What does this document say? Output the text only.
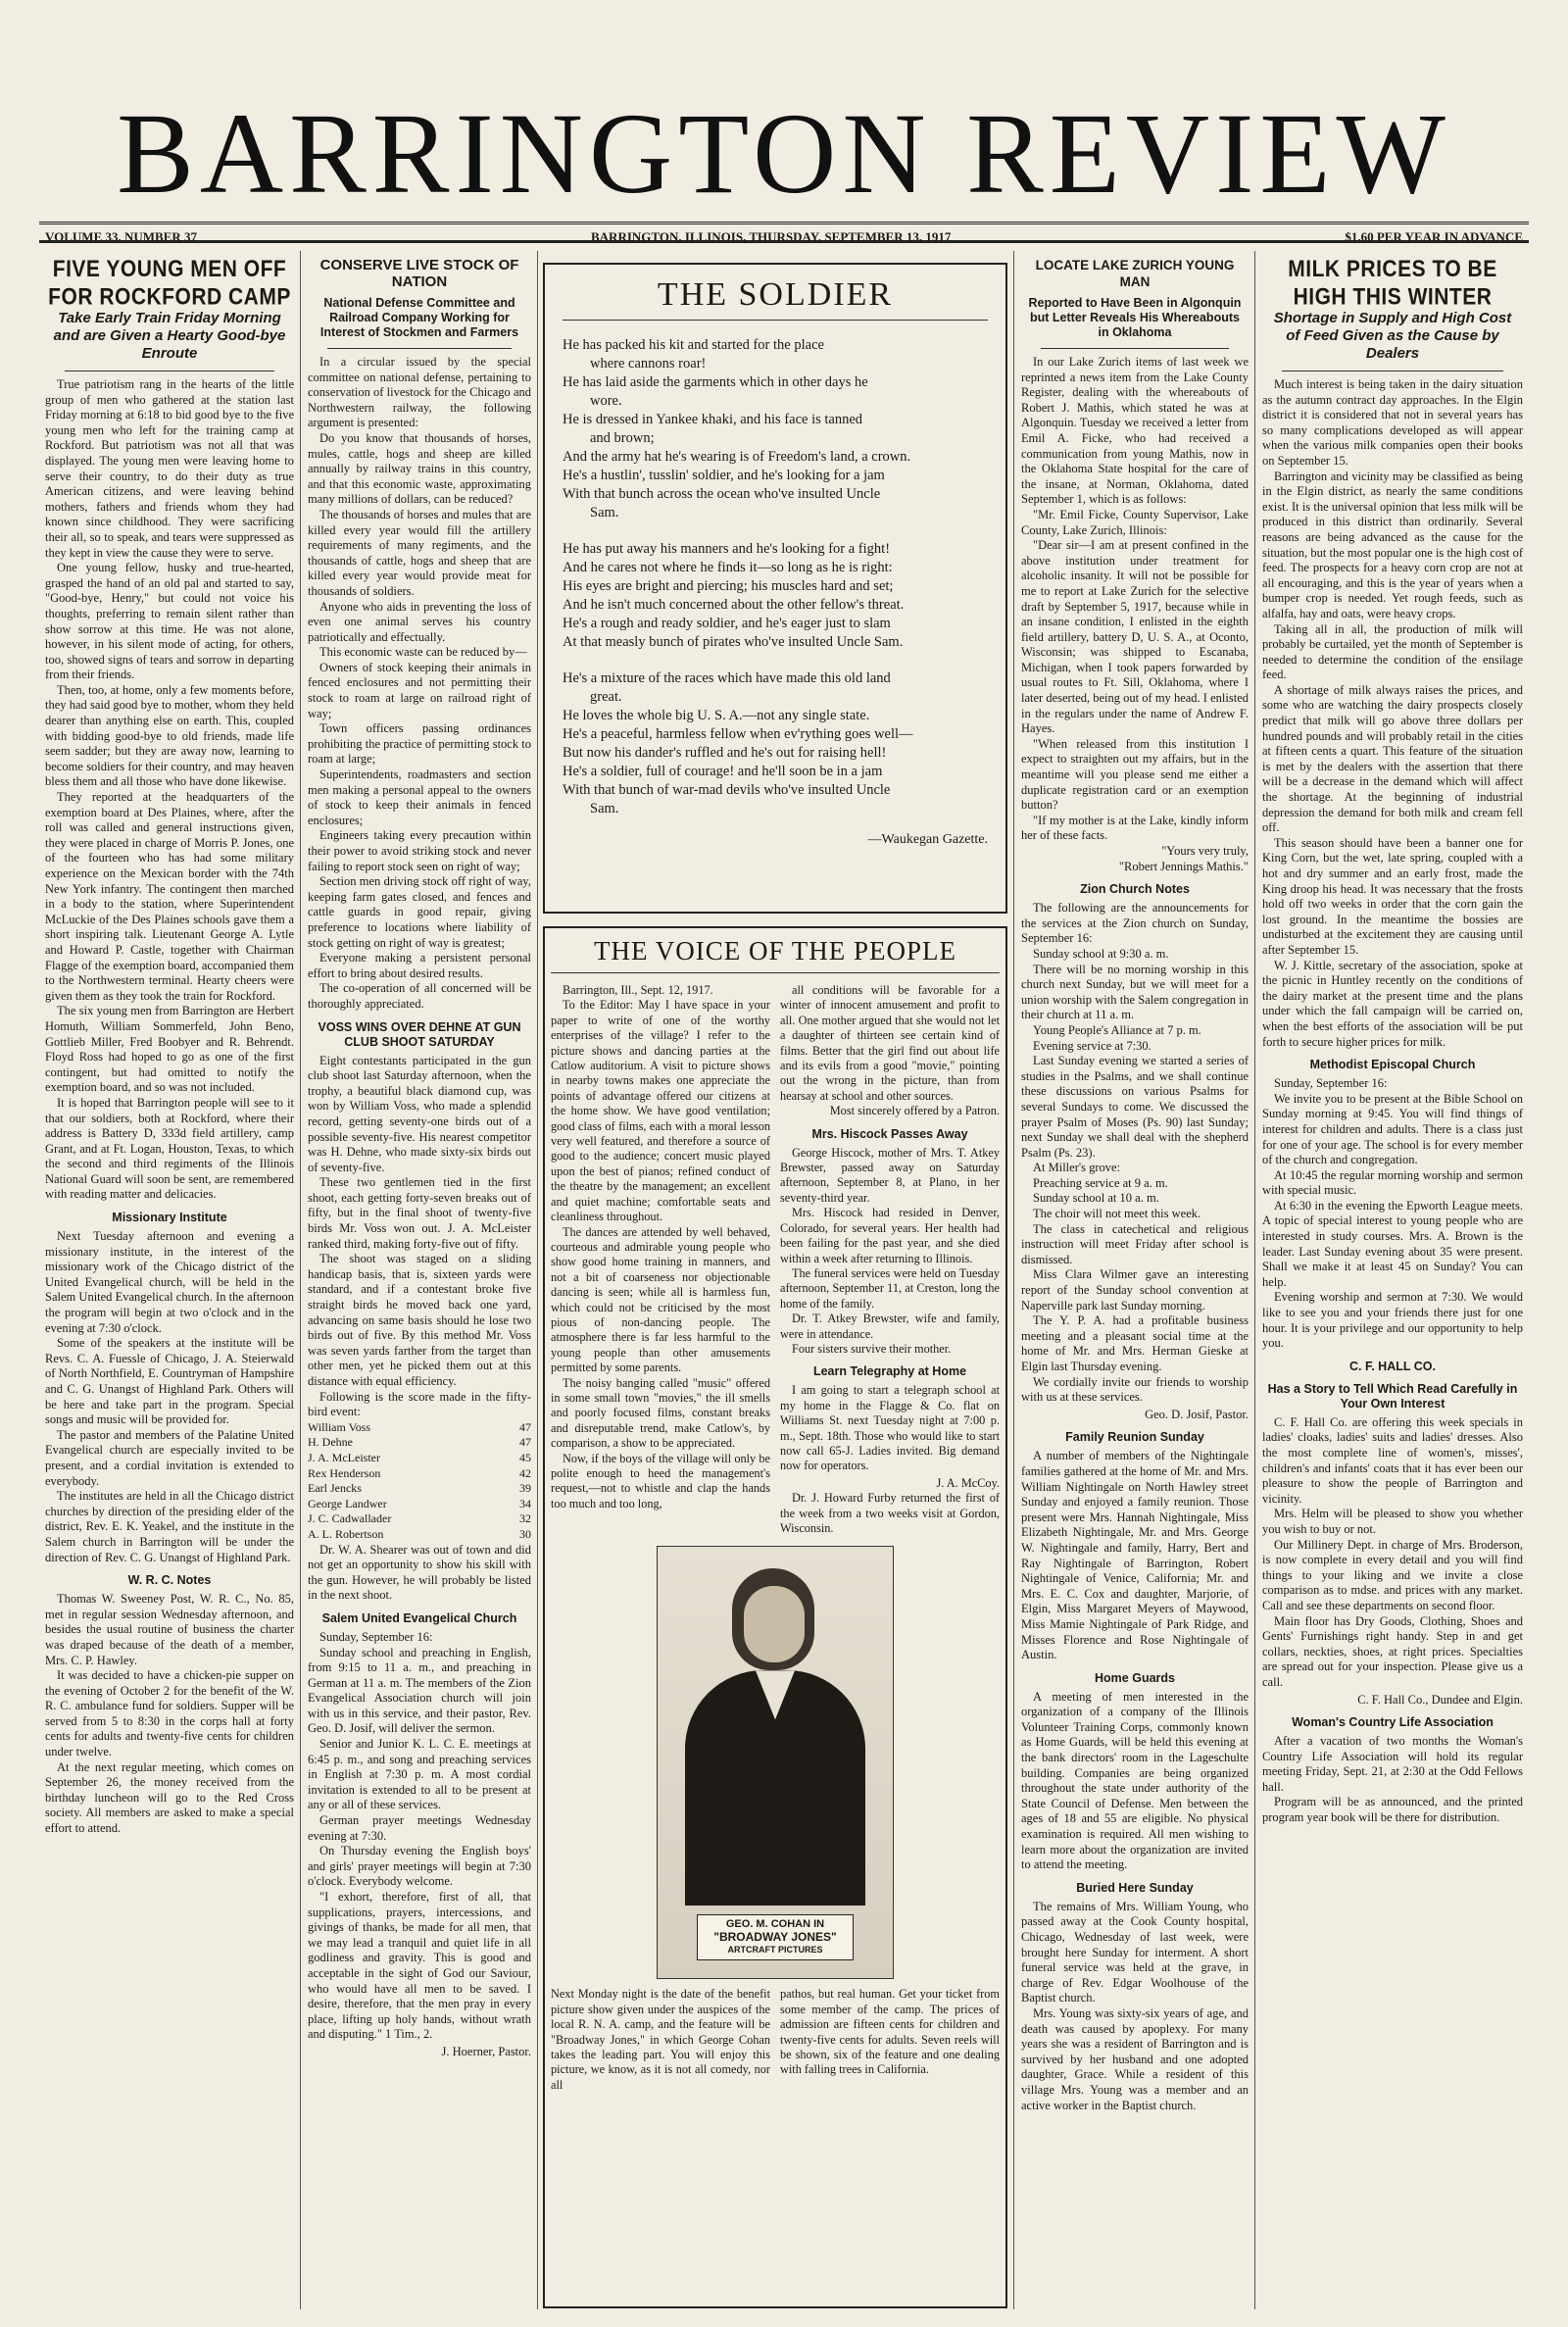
BARRINGTON REVIEW
VOLUME 33, NUMBER 37	BARRINGTON, ILLINOIS, THURSDAY, SEPTEMBER 13, 1917	$1.60 PER YEAR IN ADVANCE
FIVE YOUNG MEN OFF FOR ROCKFORD CAMP
Take Early Train Friday Morning and are Given a Hearty Good-bye Enroute

True patriotism rang in the hearts of the little group of men who gathered at the station last Friday morning at 6:18 to bid good bye to the five young men who left for the training camp at Rockford. But patriotism was not all that was displayed. The young men were leaving home to serve their country, to do their duty as true American citizens, and were leaving behind mothers, fathers and friends whom they had known since childhood. They were sacrificing their all, so to speak, and tears were suppressed as they kept in view the cause they were to serve.

One young fellow, husky and true-hearted, grasped the hand of an old pal and started to say, "Good-bye, Henry," but could not voice his thoughts, preferring to remain silent rather than show sorrow at this time. He was not alone, however, in his silent mode of acting, for others, too, showed signs of tears and sorrow in departing from their friends.

Then, too, at home, only a few moments before, they had said good bye to mother, whom they held dearer than anything else on earth. This, coupled with bidding good-bye to old friends, made life seem sadder; but they are away now, learning to become soldiers for their country, and may heaven bless them and all those who have done likewise.

They reported at the headquarters of the exemption board at Des Plaines, where, after the roll was called and general instructions given, they were placed in charge of Morris P. Jones, one of the fourteen who has had some military experience on the Mexican border with the 74th New York infantry. The contingent then marched in a body to the station, where Superintendent McLuckie of the Des Plaines schools gave them a short inspiring talk. Lieutenant George A. Lytle and Howard P. Castle, together with Chairman Flagge of the exemption board, accompanied them to the Northwestern terminal. Hearty cheers were given them as they took the train for Rockford.

The six young men from Barrington are Herbert Homuth, William Sommerfeld, John Beno, Gottlieb Miller, Fred Boobyer and R. Behrendt. Floyd Ross had hoped to go as one of the first contingent, but had omitted to notify the exemption board, and so was not included.

It is hoped that Barrington people will see to it that our soldiers, both at Rockford, where their address is Battery D, 333d field artillery, camp Grant, and at Ft. Logan, Houston, Texas, to which the second and third regiments of the Illinois National Guard will soon be sent, are remembered with reading matter and delicacies.

Missionary Institute

Next Tuesday afternoon and evening a missionary institute, in the interest of the missionary work of the Chicago district of the United Evangelical church, will be held in the Salem United Evangelical church. In the afternoon the program will begin at two o'clock and in the evening at 7:30 o'clock.

Some of the speakers at the institute will be Revs. C. A. Fuessle of Chicago, J. A. Steierwald of North Northfield, E. Countryman of Hampshire and C. G. Unangst of Highland Park. Others will be here and take part in the program. Special songs and music will be provided for.

The pastor and members of the Palatine United Evangelical church are especially invited to be present, and a cordial invitation is extended to everybody.

The institutes are held in all the Chicago district churches by direction of the presiding elder of the district, Rev. E. K. Yeakel, and the institute in the Salem church in Barrington will be under the direction of Rev. C. G. Unangst of Highland Park.

W. R. C. Notes

Thomas W. Sweeney Post, W. R. C., No. 85, met in regular session Wednesday afternoon, and besides the usual routine of business the charter was draped because of the death of a member, Mrs. C. P. Hawley.

It was decided to have a chicken-pie supper on the evening of October 2 for the benefit of the W. R. C. ambulance fund for soldiers. Supper will be served from 5 to 8:30 in the corps hall at forty cents for adults and twenty-five cents for children under twelve.

At the next regular meeting, which comes on September 26, the money received from the birthday luncheon will go to the Red Cross society. All members are asked to make a special effort to attend.

CONSERVE LIVE STOCK OF NATION
National Defense Committee and Railroad Company Working for Interest of Stockmen and Farmers

In a circular issued by the special committee on national defense, pertaining to conservation of livestock for the Chicago and Northwestern railway, the following argument is presented:

Do you know that thousands of horses, mules, cattle, hogs and sheep are killed annually by railway trains in this country, and that this economic waste, approximating many millions of dollars, can be reduced?

The thousands of horses and mules that are killed every year would fill the artillery requirements of many regiments, and the thousands of cattle, hogs and sheep that are killed every year would provide meat for thousands of soldiers.

Anyone who aids in preventing the loss of even one animal serves his country patriotically and effectually.

This economic waste can be reduced by—

Owners of stock keeping their animals in fenced enclosures and not permitting their stock to roam at large on railroad right of way;

Town officers passing ordinances prohibiting the practice of permitting stock to roam at large;

Superintendents, roadmasters and section men making a personal appeal to the owners of stock to keep their animals in fenced enclosures;

Engineers taking every precaution within their power to avoid striking stock and never failing to report stock seen on right of way;

Section men driving stock off right of way, keeping farm gates closed, and fences and cattle guards in good repair, giving preference to locations where liability of stock getting on right of way is greatest;

Everyone making a persistent personal effort to bring about desired results.

The co-operation of all concerned will be thoroughly appreciated.

VOSS WINS OVER DEHNE AT GUN CLUB SHOOT SATURDAY

Eight contestants participated in the gun club shoot last Saturday afternoon, when the trophy, a beautiful black diamond cup, was won by William Voss, who made a splendid record, getting seventy-one birds out of a possible seventy-five. His nearest competitor was H. Dehne, who made sixty-six birds out of seventy-five.

These two gentlemen tied in the first shoot, each getting forty-seven breaks out of fifty, but in the final shoot of twenty-five birds Mr. Voss won out. J. A. McLeister ranked third, making forty-five out of fifty.

The shoot was staged on a sliding handicap basis, that is, sixteen yards were standard, and if a contestant broke five straight birds he moved back one yard, advancing on same basis should he lose two birds out of five. By this method Mr. Voss was seven yards farther from the target than other men, yet he picked them out at this distance with equal efficiency.

Following is the score made in the fifty-bird event:

William Voss	47
H. Dehne	47
J. A. McLeister	45
Rex Henderson	42
Earl Jencks	39
George Landwer	34
J. C. Cadwallader	32
A. L. Robertson	30

Dr. W. A. Shearer was out of town and did not get an opportunity to show his skill with the gun. However, he will probably be listed in the next shoot.

Salem United Evangelical Church

Sunday, September 16:

Sunday school and preaching in English, from 9:15 to 11 a. m., and preaching in German at 11 a. m. The members of the Zion Evangelical Association church will join with us in this service, and their pastor, Rev. Geo. D. Josif, will deliver the sermon.

Senior and Junior K. L. C. E. meetings at 6:45 p. m., and song and preaching services in English at 7:30 p. m. A most cordial invitation is extended to all to be present at any or all of these services.

German prayer meetings Wednesday evening at 7:30.

On Thursday evening the English boys' and girls' prayer meetings will begin at 7:30 o'clock. Everybody welcome.

"I exhort, therefore, first of all, that supplications, prayers, intercessions, and givings of thanks, be made for all men, that we may lead a tranquil and quiet life in all godliness and gravity. This is good and acceptable in the sight of God our Saviour, who would have all men to be saved. I desire, therefore, that the men pray in every place, lifting up holy hands, without wrath and disputing." 1 Tim., 2.

J. Hoerner, Pastor.
THE SOLDIER
He has packed his kit and started for the place
where cannons roar!
He has laid aside the garments which in other days he
wore.
He is dressed in Yankee khaki, and his face is tanned
and brown;
And the army hat he's wearing is of Freedom's land, a crown.
He's a hustlin', tusslin' soldier, and he's looking for a jam
With that bunch across the ocean who've insulted Uncle
Sam.
He has put away his manners and he's looking for a fight!
And he cares not where he finds it—so long as he is right:
His eyes are bright and piercing; his muscles hard and set;
And he isn't much concerned about the other fellow's threat.
He's a rough and ready soldier, and he's eager just to slam
At that measly bunch of pirates who've insulted Uncle Sam.
He's a mixture of the races which have made this old land
great.
He loves the whole big U. S. A.—not any single state.
He's a peaceful, harmless fellow when ev'rything goes well—
But now his dander's ruffled and he's out for raising hell!
He's a soldier, full of courage! and he'll soon be in a jam
With that bunch of war-mad devils who've insulted Uncle
Sam.
—Waukegan Gazette.
THE VOICE OF THE PEOPLE

Barrington, Ill., Sept. 12, 1917.

To the Editor: May I have space in your paper to write of one of the worthy enterprises of the village? I refer to the picture shows and dancing parties at the Catlow auditorium. A visit to picture shows in nearby towns makes one appreciate the points of advantage offered our citizens at the home show. We have good ventilation; good class of films, each with a moral lesson very well featured, and therefore a source of good to the audience; concert music played upon the best of pianos; refined conduct of the theatre by the management; an excellent and quiet machine; comfortable seats and cleanliness throughout.

The dances are attended by well behaved, courteous and admirable young people who show good home training in manners, and not a bit of coarseness nor objectionable dancing is seen; while all is harmless fun, which could not be criticised by the most pious of non-dancing people. The atmosphere there is far less harmful to the young people than other amusements permitted by some parents.

The noisy banging called "music" offered in some small town "movies," the ill smells and poorly focused films, constant breaks and disreputable trend, make Catlow's, by comparison, a show to be appreciated.

Now, if the boys of the village will only be polite enough to heed the management's request,—not to whistle and clap the hands too much and too long,

all conditions will be favorable for a winter of innocent amusement and profit to all. One mother argued that she would not let a daughter of thirteen see certain kind of films. Better that the girl find out about life and its evils from a good "movie," pointing out the wrong in the picture, than from hearsay at school and other sources.

Most sincerely offered by a Patron.

Mrs. Hiscock Passes Away

George Hiscock, mother of Mrs. T. Atkey Brewster, passed away on Saturday afternoon, September 8, at Plano, in her seventy-third year.

Mrs. Hiscock had resided in Denver, Colorado, for several years. Her health had been failing for the past year, and she died within a week after returning to Illinois.

The funeral services were held on Tuesday afternoon, September 11, at Creston, long the home of the family.

Dr. T. Atkey Brewster, wife and family, were in attendance.

Four sisters survive their mother.

Learn Telegraphy at Home

I am going to start a telegraph school at my home in the Flagge & Co. flat on Williams St. next Tuesday night at 7:00 p. m., Sept. 18th. Those who would like to start now call 65-J. Ladies invited. Big demand now for operators.

J. A. McCoy.

Dr. J. Howard Furby returned the first of the week from a two weeks visit at Gordon, Wisconsin.

GEO. M. COHAN IN
"BROADWAY JONES"
ARTCRAFT PICTURES
Next Monday night is the date of the benefit picture show given under the auspices of the local R. N. A. camp, and the feature will be "Broadway Jones," in which George Cohan takes the leading part. You will enjoy this picture, we know, as it is not all comedy, nor all
pathos, but real human. Get your ticket from some member of the camp. The prices of admission are fifteen cents for children and twenty-five cents for adults. Seven reels will be shown, six of the feature and one dealing with falling trees in California.
LOCATE LAKE ZURICH YOUNG MAN
Reported to Have Been in Algonquin but Letter Reveals His Whereabouts in Oklahoma

In our Lake Zurich items of last week we reprinted a news item from the Lake County Register, dealing with the whereabouts of Robert J. Mathis, which stated he was at Algonquin. Tuesday we received a letter from Emil A. Ficke, who had received a communication from young Mathis, now in the Oklahoma State hospital for the care of the insane, at Norman, Oklahoma, dated September 1, which is as follows:

"Mr. Emil Ficke, County Supervisor, Lake County, Lake Zurich, Illinois:

"Dear sir—I am at present confined in the above institution under treatment for alcoholic insanity. It will not be possible for me to report at Lake Zurich for the selective draft by September 5, 1917, because while in an insane condition, I enlisted in the eighth field artillery, battery D, U. S. A., at Oconto, Wisconsin; was shipped to Escanaba, Michigan, when I took papers forwarded by usual routes to Ft. Sill, Oklahoma, where I later deserted, being out of my head. I enlisted in the regulars under the name of Andrew F. Hayes.

"When released from this institution I expect to straighten out my affairs, but in the meantime will you please send me either a duplicate registration card or an exemption button?

"If my mother is at the Lake, kindly inform her of these facts.

"Yours very truly,

"Robert Jennings Mathis."

Zion Church Notes

The following are the announcements for the services at the Zion church on Sunday, September 16:

Sunday school at 9:30 a. m.

There will be no morning worship in this church next Sunday, but we will meet for a union worship with the Salem congregation in their church at 11 a. m.

Young People's Alliance at 7 p. m.

Evening service at 7:30.

Last Sunday evening we started a series of studies in the Psalms, and we shall continue these discussions on various Psalms for several Sundays to come. We discussed the prayer Psalm of Moses (Ps. 90) last Sunday; next Sunday we shall deal with the shepherd Psalm (Ps. 23).

At Miller's grove:

Preaching service at 9 a. m.

Sunday school at 10 a. m.

The choir will not meet this week.

The class in catechetical and religious instruction will meet Friday after school is dismissed.

Miss Clara Wilmer gave an interesting report of the Sunday school convention at Naperville park last Sunday morning.

The Y. P. A. had a profitable business meeting and a pleasant social time at the home of Mr. and Mrs. Herman Gieske at Elgin last Thursday evening.

We cordially invite our friends to worship with us at these services.

Geo. D. Josif, Pastor.
Family Reunion Sunday

A number of members of the Nightingale families gathered at the home of Mr. and Mrs. William Nightingale on North Hawley street Sunday and enjoyed a family reunion. Those present were Mrs. Hannah Nightingale, Miss Elizabeth Nightingale, Mr. and Mrs. George W. Nightingale and family, Harry, Bert and Ray Nightingale of Barrington, Robert Nightingale of Venice, California; Mr. and Mrs. E. C. Cox and daughter, Marjorie, of Elgin, Miss Margaret Meyers of Maywood, Miss Mamie Nightingale of Park Ridge, and Misses Florence and Rose Nightingale of Austin.

Home Guards

A meeting of men interested in the organization of a company of the Illinois Volunteer Training Corps, commonly known as Home Guards, will be held this evening at the bank directors' room in the Lageschulte building. Companies are being organized throughout the state under authority of the State Council of Defense. Men between the ages of 18 and 55 are eligible. No physical examination is required. All men wishing to learn more about the organization are invited to attend the meeting.

Buried Here Sunday

The remains of Mrs. William Young, who passed away at the Cook County hospital, Chicago, Wednesday of last week, were brought here Sunday for interment. A short funeral service was held at the grave, in charge of Rev. Edgar Woolhouse of the Baptist church.

Mrs. Young was sixty-six years of age, and death was caused by apoplexy. For many years she was a resident of Barrington and is survived by her husband and one adopted daughter, Grace. While a resident of this village Mrs. Young was a member and an active worker in the Baptist church.

MILK PRICES TO BE HIGH THIS WINTER
Shortage in Supply and High Cost of Feed Given as the Cause by Dealers

Much interest is being taken in the dairy situation as the autumn contract day approaches. In the Elgin district it is considered that not in several years has so many complications developed as will appear when the various milk companies open their books on September 15.

Barrington and vicinity may be classified as being in the Elgin district, as nearly the same conditions exist. It is the universal opinion that less milk will be produced in this district than ordinarily. Several reasons are being advanced as the cause for the situation, but the most popular one is the high cost of feed. The prospects for a heavy corn crop are not at all encouraging, and this is the year of years when a bumper crop is needed. Yet rough feeds, such as alfalfa, hay and oats, were heavy crops.

Taking all in all, the production of milk will probably be curtailed, yet the month of September is needed to determine the condition of the ensilage feed.

A shortage of milk always raises the prices, and some who are watching the dairy prospects closely predict that milk will go above three dollars per hundred pounds and will probably retail in the cities at fifteen cents a quart. This feature of the situation is met by the dealers with the assertion that there will be a decrease in the demand which will affect the shortage. At the beginning of industrial depression the demand for both milk and cream fell off.

This season should have been a banner one for King Corn, but the wet, late spring, coupled with a hot and dry summer and an early frost, made the King droop his head. It was necessary that the frosts hold off two weeks in order that the corn gain the lost ground. In the meantime the bossies are undisturbed at the excitement they are causing until after September 15.

W. J. Kittle, secretary of the association, spoke at the picnic in Huntley recently on the conditions of the dairy market at the present time and the plans under which the fall campaign will be carried on, when the best efforts of the association will be put forth to secure higher prices for milk.

Methodist Episcopal Church

Sunday, September 16:

We invite you to be present at the Bible School on Sunday morning at 9:45. You will find things of interest for children and adults. There is a class just for one of your age. The school is for every member of the church and congregation.

At 10:45 the regular morning worship and sermon with special music.

At 6:30 in the evening the Epworth League meets. A topic of special interest to young people who are interested in study courses. Mrs. A. Brown is the leader. Last Sunday evening about 35 were present. Shall we make it at least 45 on Sunday? You can help.

Evening worship and sermon at 7:30. We would like to see you and your friends there just for one hour. It is your privilege and our opportunity to help you.

C. F. HALL CO.
Has a Story to Tell Which Read Carefully in Your Own Interest

C. F. Hall Co. are offering this week specials in ladies' cloaks, ladies' suits and ladies' dresses. Also the most complete line of women's, misses', children's and infants' coats that it has ever been our pleasure to show the people of Barrington and vicinity.

Mrs. Helm will be pleased to show you whether you wish to buy or not.

Our Millinery Dept. in charge of Mrs. Broderson, is now complete in every detail and you will find things to your liking and we invite a close comparison as to mdse. and prices with any market. Call and see these departments on second floor.

Main floor has Dry Goods, Clothing, Shoes and Gents' Furnishings right handy. Step in and get collars, neckties, shoes, at right prices. Specialties are spread out for your inspection. Please give us a call.

C. F. Hall Co., Dundee and Elgin.
Woman's Country Life Association

After a vacation of two months the Woman's Country Life Association will hold its regular meeting Friday, Sept. 21, at 2:30 at the Odd Fellows hall.

Program will be as announced, and the printed program year book will be there for distribution.
